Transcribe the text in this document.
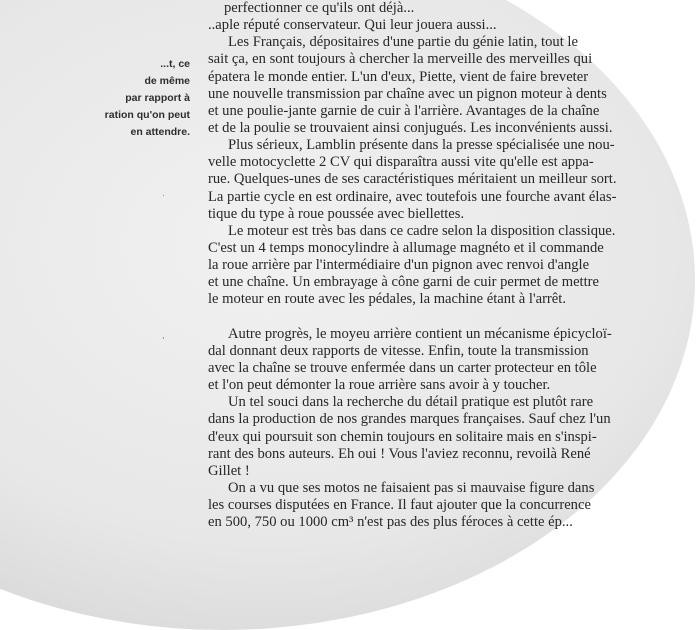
...t, ce
de même
par rapport à
ration qu'on peut
en attendre.
·
,
perfectionner ce qu'ils ont déjà...
..aple réputé conservateur. Qui leur jouera aussi...
Les Français, dépositaires d'une partie du génie latin, tout le
sait ça, en sont toujours à chercher la merveille des merveilles qui
épatera le monde entier. L'un d'eux, Piette, vient de faire breveter
une nouvelle transmission par chaîne avec un pignon moteur à dents
et une poulie-jante garnie de cuir à l'arrière. Avantages de la chaîne
et de la poulie se trouvaient ainsi conjugués. Les inconvénients aussi.
Plus sérieux, Lamblin présente dans la presse spécialisée une nou-
velle motocyclette 2 CV qui disparaîtra aussi vite qu'elle est appa-
rue. Quelques-unes de ses caractéristiques méritaient un meilleur sort.
La partie cycle en est ordinaire, avec toutefois une fourche avant élas-
tique du type à roue poussée avec biellettes.
Le moteur est très bas dans ce cadre selon la disposition classique.
C'est un 4 temps monocylindre à allumage magnéto et il commande
la roue arrière par l'intermédiaire d'un pignon avec renvoi d'angle
et une chaîne. Un embrayage à cône garni de cuir permet de mettre
le moteur en route avec les pédales, la machine étant à l'arrêt.
Autre progrès, le moyeu arrière contient un mécanisme épicycloï-
dal donnant deux rapports de vitesse. Enfin, toute la transmission
avec la chaîne se trouve enfermée dans un carter protecteur en tôle
et l'on peut démonter la roue arrière sans avoir à y toucher.
Un tel souci dans la recherche du détail pratique est plutôt rare
dans la production de nos grandes marques françaises. Sauf chez l'un
d'eux qui poursuit son chemin toujours en solitaire mais en s'inspi-
rant des bons auteurs. Eh oui ! Vous l'aviez reconnu, revoilà René
Gillet !
On a vu que ses motos ne faisaient pas si mauvaise figure dans
les courses disputées en France. Il faut ajouter que la concurrence
en 500, 750 ou 1000 cm³ n'est pas des plus féroces à cette ép...
